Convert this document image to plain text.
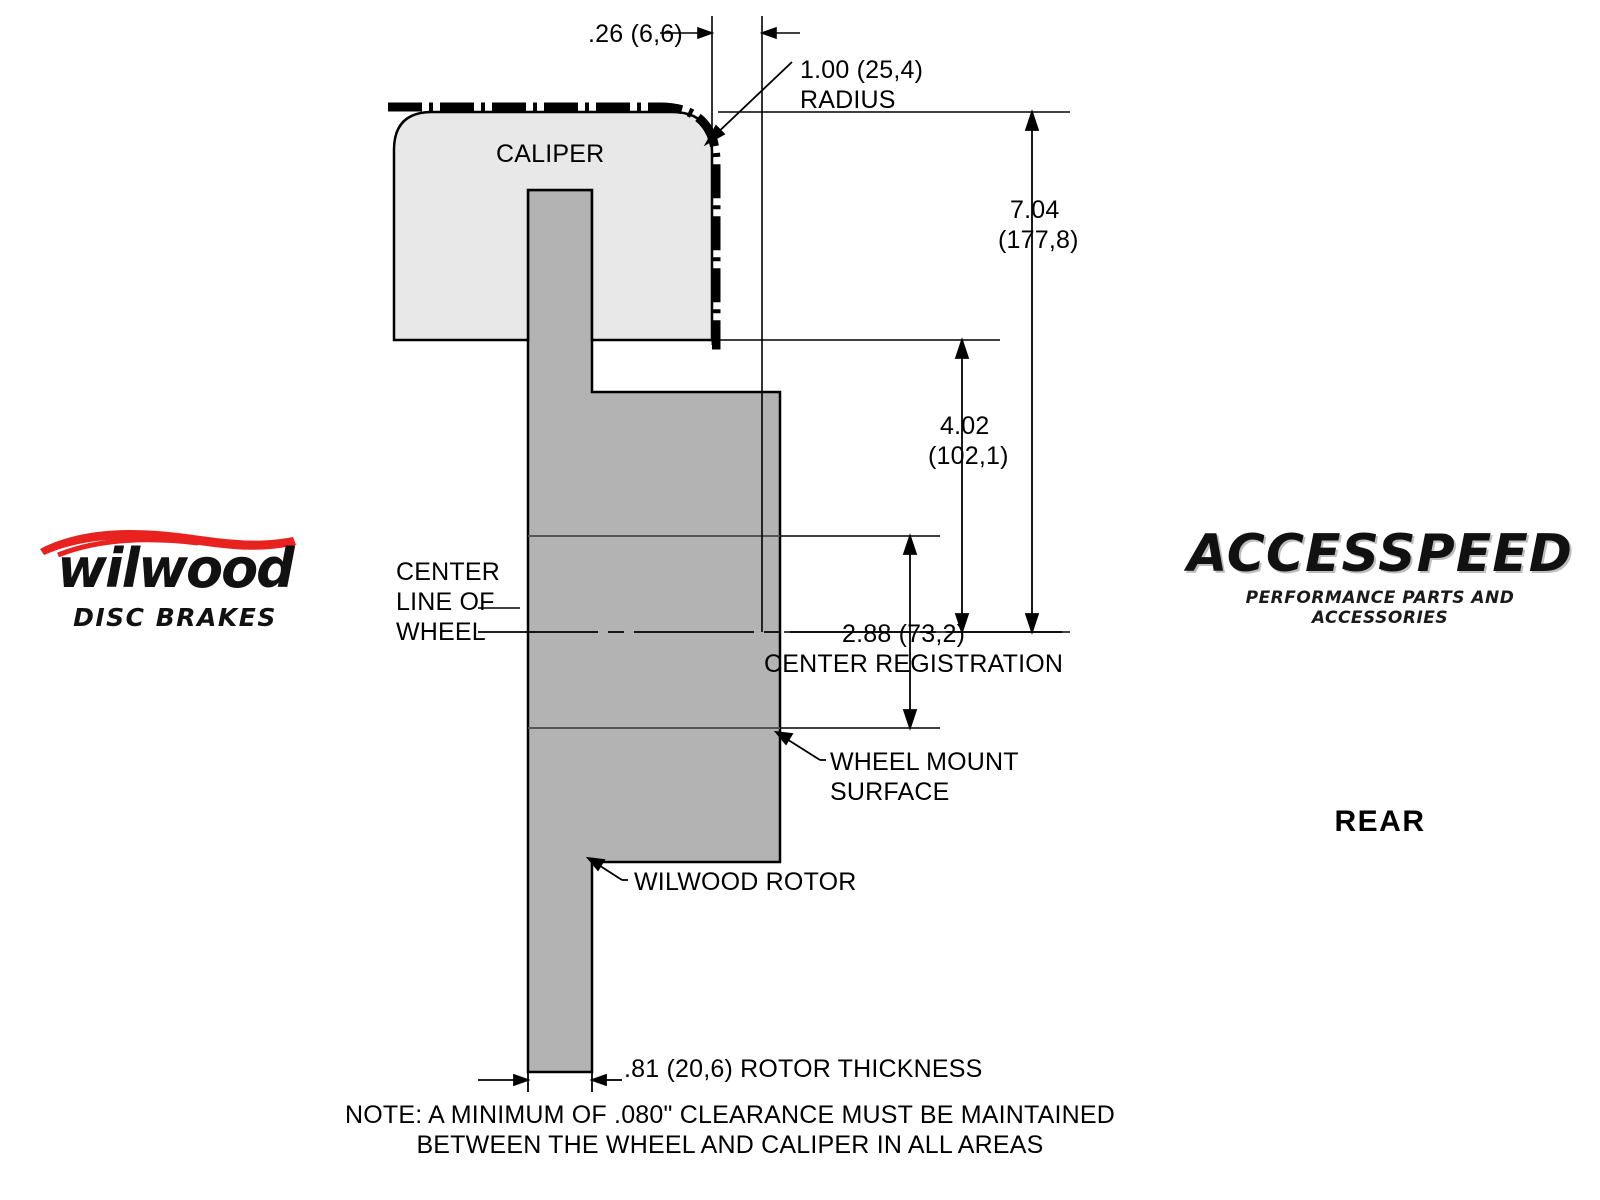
.26 (6,6)
1.00 (25,4)
RADIUS
CALIPER
7.04
(177,8)
4.02
(102,1)
CENTER
LINE OF
WHEEL	2.88 (73,2)
CENTER REGISTRATION
WHEEL MOUNT
SURFACE
WILWOOD ROTOR
.81 (20,6) ROTOR THICKNESS
NOTE: A MINIMUM OF .080" CLEARANCE MUST BE MAINTAINED
BETWEEN THE WHEEL AND CALIPER IN ALL AREAS
wilwood
DISC BRAKES
ACCESSPEED
PERFORMANCE PARTS AND ACCESSORIES
REAR
